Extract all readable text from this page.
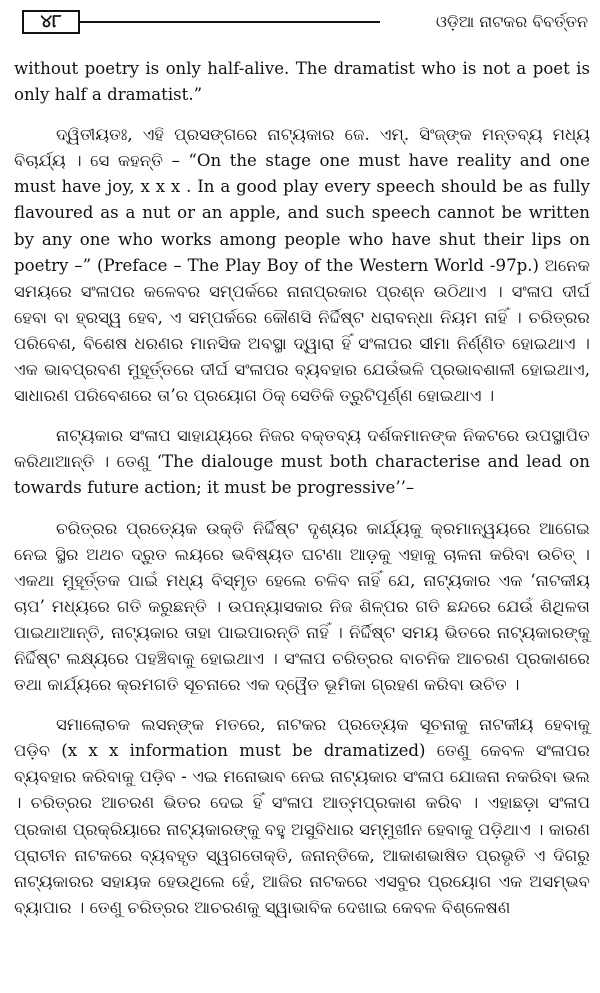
୪୮	ଓଡ଼ିଆ ନାଟକର ବିବର୍ତ୍ତନ

without poetry is only half-alive. The dramatist who is not a poet is only half a dramatist.”

ଦ୍ୱିତୀୟତଃ, ଏହି ପ୍ରସଙ୍ଗରେ ନାଟ୍ୟକାର ଜେ. ଏମ୍. ସିଂଜ୍‌ଙ୍କ ମନ୍ତବ୍ୟ ମଧ୍ୟ ବିଚାର୍ଯ୍ୟ । ସେ କହନ୍ତି – “On the stage one must have reality and one must have joy, x x x . In a good play every speech should be as fully flavoured as a nut or an apple, and such speech cannot be written by any one who works among people who have shut their lips on poetry –” (Preface – The Play Boy of the Western World -97p.) ଅନେକ ସମୟରେ ସଂଳାପର କଳେବର ସମ୍ପର୍କରେ ନାନାପ୍ରକାର ପ୍ରଶ୍ନ ଉଠିଥାଏ । ସଂଳାପ ଦୀର୍ଘ ହେବା ବା ହ୍ରସ୍ୱ ହେବ, ଏ ସମ୍ପର୍କରେ କୌଣସି ନିର୍ଦ୍ଦିଷ୍ଟ ଧରାବନ୍ଧା ନିୟମ ନାହିଁ । ଚରିତ୍ରର ପରିବେଶ, ବିଶେଷ ଧରଣର ମାନସିକ ଅବସ୍ଥା ଦ୍ୱାରା ହିଁ ସଂଳାପର ସୀମା ନିର୍ଣ୍ଣିତ ହୋଇଥାଏ । ଏକ ଭାବପ୍ରବଣ ମୁହୂର୍ତ୍ତରେ ଦୀର୍ଘ ସଂଳାପର ବ୍ୟବହାର ଯେଉଁଭଳି ପ୍ରଭାବଶାଳୀ ହୋଇଥାଏ, ସାଧାରଣ ପରିବେଶରେ ତା’ର ପ୍ରୟୋଗ ଠିକ୍ ସେତିକି ତ୍ରୁଟିପୂର୍ଣ୍ଣ ହୋଇଥାଏ ।

ନାଟ୍ୟକାର ସଂଳାପ ସାହାଯ୍ୟରେ ନିଜର ବକ୍ତବ୍ୟ ଦର୍ଶକମାନଙ୍କ ନିକଟରେ ଉପସ୍ଥାପିତ କରିଥାଆନ୍ତି । ତେଣୁ ‘The dialouge must both characterise and lead on towards future action; it must be progressive’’–

ଚରିତ୍ରର ପ୍ରତ୍ୟେକ ଉକ୍ତି ନିର୍ଦ୍ଦିଷ୍ଟ ଦୃଶ୍ୟର କାର୍ଯ୍ୟକୁ କ୍ରମାନ୍ୱୟରେ ଆଗେଇ ନେଇ ସ୍ଥିର ଅଥଚ ଦ୍ରୁତ ଲୟରେ ଭବିଷ୍ୟତ ଘଟଣା ଆଡ଼କୁ ଏହାକୁ ଚାଳନା କରିବା ଉଚିତ୍ । ଏକଥା ମୁହୂର୍ତ୍ତକ ପାଇଁ ମଧ୍ୟ ବିସ୍ମୃତ ହେଲେ ଚଳିବ ନାହିଁ ଯେ, ନାଟ୍ୟକାର ଏକ ‘ନାଟକୀୟ ଚାପ’ ମଧ୍ୟରେ ଗତି କରୁଛନ୍ତି । ଉପନ୍ୟାସକାର ନିଜ ଶିଳ୍ପର ଗତି ଛନ୍ଦରେ ଯେଉଁ ଶିଥିଳତା ପାଇଥାଆନ୍ତି, ନାଟ୍ୟକାର ତାହା ପାଇପାରନ୍ତି ନାହିଁ । ନିର୍ଦ୍ଦିଷ୍ଟ ସମୟ ଭିତରେ ନାଟ୍ୟକାରଙ୍କୁ ନିର୍ଦ୍ଦିଷ୍ଟ ଲକ୍ଷ୍ୟରେ ପହଞ୍ଚିବାକୁ ହୋଇଥାଏ । ସଂଳାପ ଚରିତ୍ରର ବାଚନିକ ଆଚରଣ ପ୍ରକାଶରେ ତଥା କାର୍ଯ୍ୟରେ କ୍ରମଗତି ସୂଚନାରେ ଏକ ଦ୍ୱୈତ ଭୂମିକା ଗ୍ରହଣ କରିବା ଉଚିତ ।

ସମାଲୋଚକ ଲସନ୍‌ଙ୍କ ମତରେ, ନାଟକର ପ୍ରତ୍ୟେକ ସୂଚନାକୁ ନାଟକୀୟ ହେବାକୁ ପଡ଼ିବ (x x x information must be dramatized) ତେଣୁ କେବଳ ସଂଳାପର ବ୍ୟବହାର କରିବାକୁ ପଡ଼ିବ - ଏଇ ମନୋଭାବ ନେଇ ନାଟ୍ୟକାର ସଂଳାପ ଯୋଜନା ନକରିବା ଭଲ । ଚରିତ୍ରର ଆଚରଣ ଭିତର ଦେଇ ହିଁ ସଂଳାପ ଆତ୍ମପ୍ରକାଶ କରିବ । ଏହାଛଡ଼ା ସଂଳାପ ପ୍ରକାଶ ପ୍ରକ୍ରିୟାରେ ନାଟ୍ୟକାରଙ୍କୁ ବହୁ ଅସୁବିଧାର ସମ୍ମୁଖୀନ ହେବାକୁ ପଡ଼ିଥାଏ । କାରଣ ପ୍ରାଚୀନ ନାଟକରେ ବ୍ୟବହୃତ ସ୍ୱଗତୋକ୍ତି, ଜନାନ୍ତିକେ, ଆକାଶଭାଷିତ ପ୍ରଭୃତି ଏ ଦିଗରୁ ନାଟ୍ୟକାରର ସହାୟକ ହେଉଥିଲେ ହେଁ, ଆଜିର ନାଟକରେ ଏସବୁର ପ୍ରୟୋଗ ଏକ ଅସମ୍ଭବ ବ୍ୟାପାର । ତେଣୁ ଚରିତ୍ରର ଆଚରଣକୁ ସ୍ୱାଭାବିକ ଦେଖାଇ କେବଳ ବିଶ୍ଳେଷଣ
